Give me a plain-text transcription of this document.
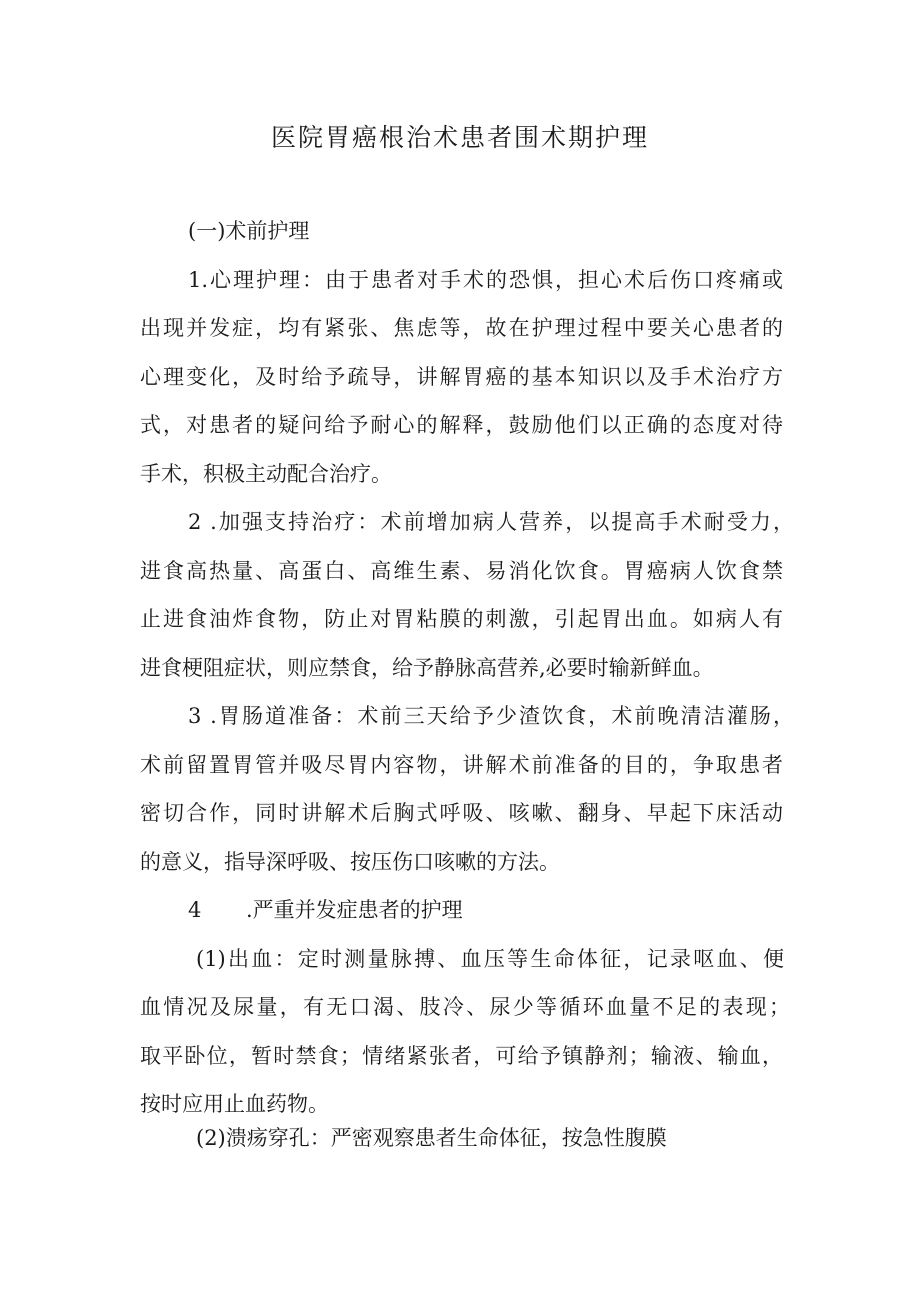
医院胃癌根治术患者围术期护理
(一)术前护理
1.心理护理：由于患者对手术的恐惧，担心术后伤口疼痛或
出现并发症，均有紧张、焦虑等，故在护理过程中要关心患者的
心理变化，及时给予疏导，讲解胃癌的基本知识以及手术治疗方
式，对患者的疑问给予耐心的解释，鼓励他们以正确的态度对待
手术，积极主动配合治疗。
2 .加强支持治疗：术前增加病人营养，以提高手术耐受力，
进食高热量、高蛋白、高维生素、易消化饮食。胃癌病人饮食禁
止进食油炸食物，防止对胃粘膜的刺激，引起胃出血。如病人有
进食梗阻症状，则应禁食，给予静脉高营养,必要时输新鲜血。
3 .胃肠道准备：术前三天给予少渣饮食，术前晚清洁灌肠，
术前留置胃管并吸尽胃内容物，讲解术前准备的目的，争取患者
密切合作，同时讲解术后胸式呼吸、咳嗽、翻身、早起下床活动
的意义，指导深呼吸、按压伤口咳嗽的方法。
4 .严重并发症患者的护理
(1)出血：定时测量脉搏、血压等生命体征，记录呕血、便
血情况及尿量，有无口渴、肢冷、尿少等循环血量不足的表现；
取平卧位，暂时禁食；情绪紧张者，可给予镇静剂；输液、输血，
按时应用止血药物。
(2)溃疡穿孔：严密观察患者生命体征，按急性腹膜
